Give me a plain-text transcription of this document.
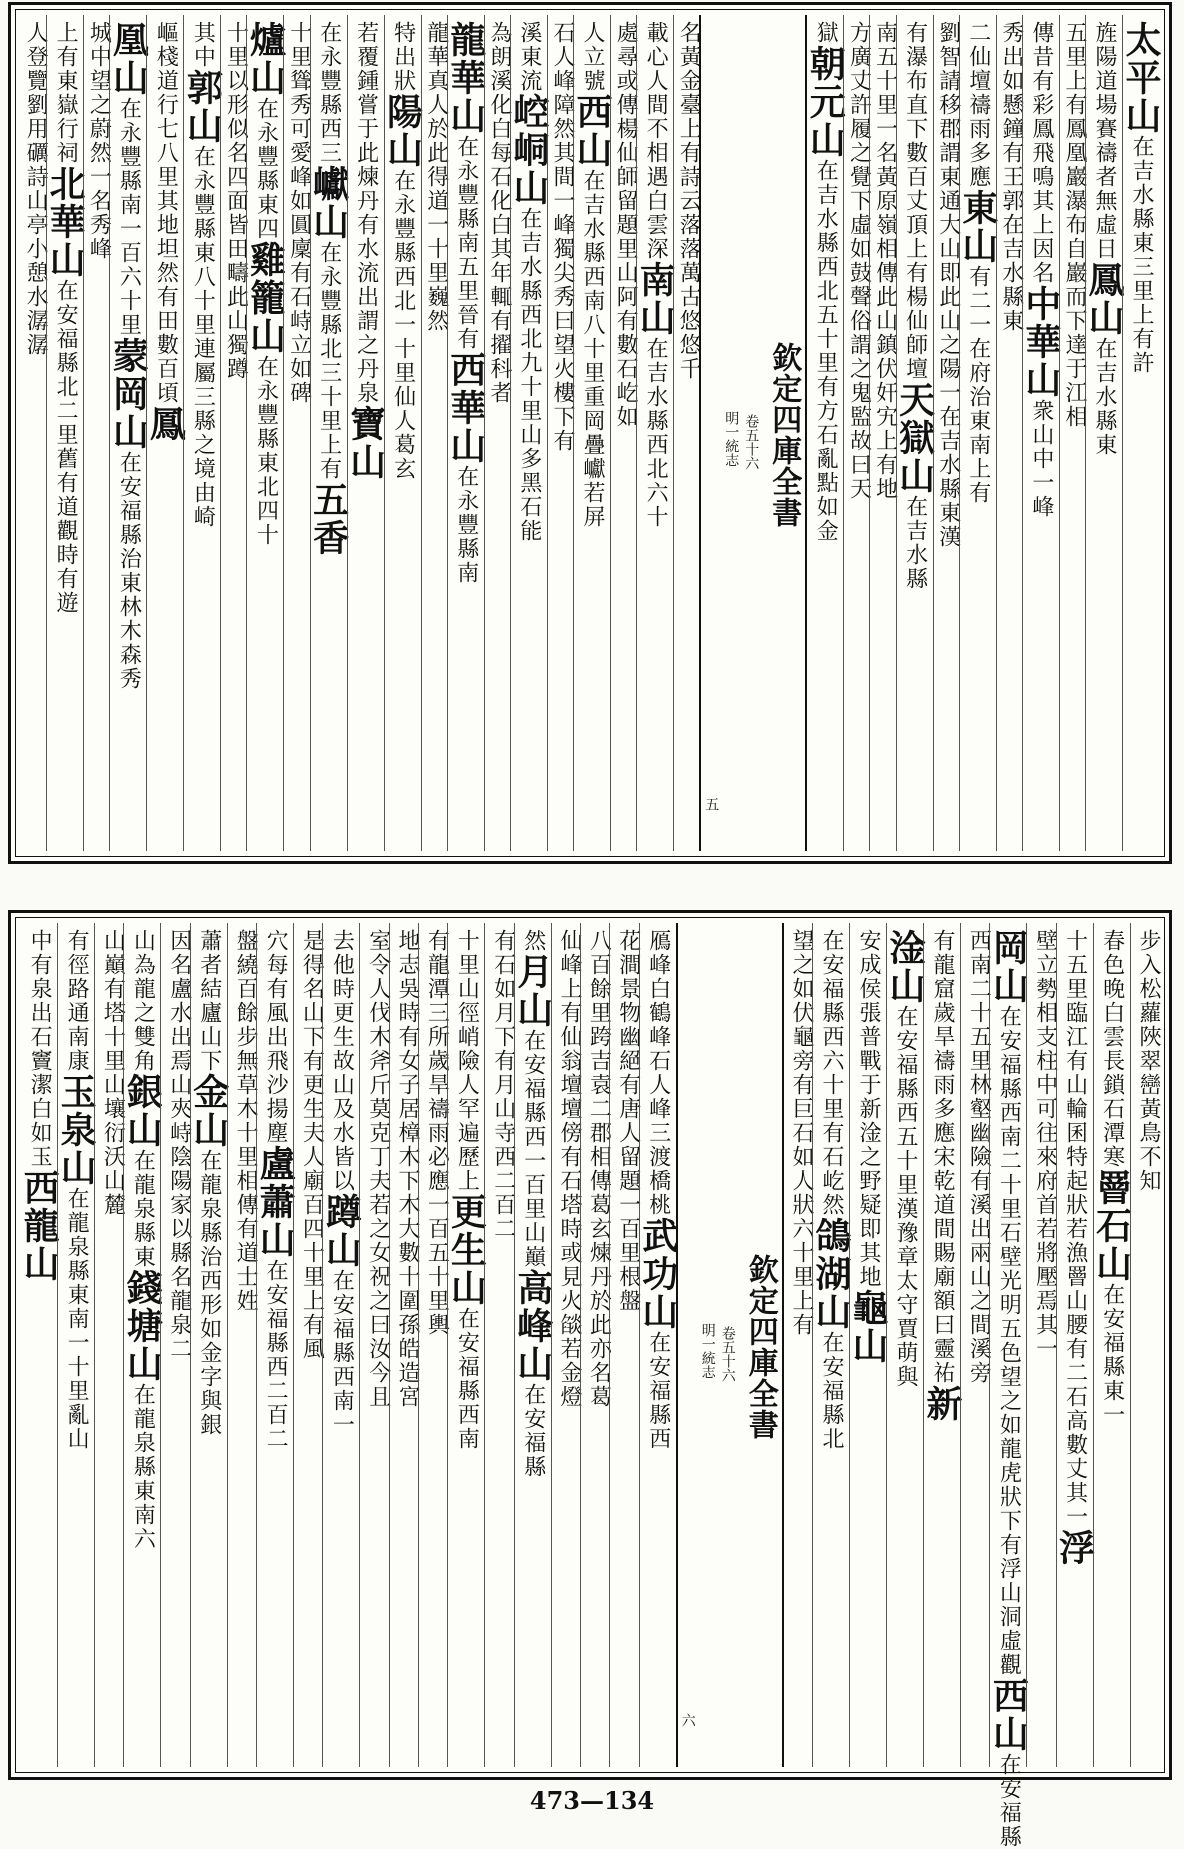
太平山在吉水縣東三里上有許
旌陽道場賽禱者無虛日鳳山在吉水縣東
五里上有鳳凰巖瀑布自巖而下達于江相
傳昔有彩鳳飛鳴其上因名中華山衆山中一峰
秀出如懸鐘有王郭在吉水縣東
二仙壇禱雨多應東山有二一在府治東南上有
劉智請移郡謂東通大山即此山之陽一在吉水縣東漢
有瀑布直下數百丈頂上有楊仙師壇天獄山在吉水縣
南五十里一名黃原嶺相傳此山鎮伏奸宄上有地
方廣丈許履之覺下虛如鼓聲俗謂之鬼監故曰天
獄朝元山在吉水縣西北五十里有方石亂點如金
欽定四庫全書
卷五十六
明一統志
五
名黃金臺上有詩云落落萬古悠悠千
載心人間不相遇白雲深南山在吉水縣西北六十
處尋或傳楊仙師留題里山阿有數石屹如
人立號西山在吉水縣西南八十里重岡疊巘若屏
石人峰障然其間一峰獨尖秀曰望火樓下有
溪東流崆峒山在吉水縣西北九十里山多黑石能
為朗溪化白每石化白其年輒有擢科者
龍華山在永豐縣南五里晉有西華山在永豐縣南
龍華真人於此得道一十里巍然
特出狀陽山在永豐縣西北一十里仙人葛玄
若覆鍾嘗于此煉丹有水流出謂之丹泉寶山
在永豐縣西三巘山在永豐縣北三十里上有五香
十里聳秀可愛峰如圓廩有石峙立如碑
爐山在永豐縣東四雞籠山在永豐縣東北四十
十里以形似名四面皆田疇此山獨蹲
其中郭山在永豐縣東八十里連屬三縣之境由崎
嶇棧道行七八里其地坦然有田數百頃鳳
凰山在永豐縣南一百六十里蒙岡山在安福縣治東林木森秀
城中望之蔚然一名秀峰
上有東嶽行祠北華山在安福縣北二里舊有道觀時有遊
人登覽劉用礪詩山亭小憩水潺潺
步入松蘿陜翠巒黃鳥不知
春色晚白雲長鎖石潭寒罾石山在安福縣東一
十五里臨江有山輪囷特起狀若漁罾山腰有二石高數丈其一浮
壁立勢相支柱中可往來府首若將壓焉其一
岡山在安福縣西南二十里石壁光明五色望之如龍虎狀下有浮山洞虛觀西山在安福縣
西南二十五里林壑幽險有溪出兩山之間溪旁
有龍窟歲旱禱雨多應宋乾道間賜廟額曰靈祐新
淦山在安福縣西五十里漢豫章太守賈萌與
安成侯張普戰于新淦之野疑即其地龜山
在安福縣西六十里有石屹然鴿湖山在安福縣北
望之如伏龜旁有巨石如人狀六十里上有
欽定四庫全書
卷五十六
明一統志
六
鴈峰白鶴峰石人峰三渡橋桃武功山在安福縣西
花澗景物幽絕有唐人留題一百里根盤
八百餘里跨吉袁二郡相傳葛玄煉丹於此亦名葛
仙峰上有仙翁壇壇傍有石塔時或見火燄若金燈
然月山在安福縣西一百里山巔高峰山在安福縣
有石如月下有月山寺西二百二
十里山徑峭險人罕遍歷上更生山在安福縣西南
有龍潭三所歲旱禱雨必應一百五十里輿
地志吳時有女子居樟木下木大數十圍孫皓造宮
室令人伐木斧斤莫克丁夫若之女祝之曰汝今且
去他時更生故山及水皆以蹲山在安福縣西南一
是得名山下有更生夫人廟百四十里上有風
穴每有風出飛沙揚塵盧蕭山在安福縣西二百二
盤繞百餘步無草木十里相傳有道士姓
蕭者結廬山下金山在龍泉縣治西形如金字與銀
因名盧水出焉山夾峙陰陽家以縣名龍泉二
山為龍之雙角銀山在龍泉縣東錢塘山在龍泉縣東南六
山巔有塔十里山壤衍沃山麓
有徑路通南康玉泉山在龍泉縣東南一十里亂山
中有泉出石竇潔白如玉西龍山
473—134
